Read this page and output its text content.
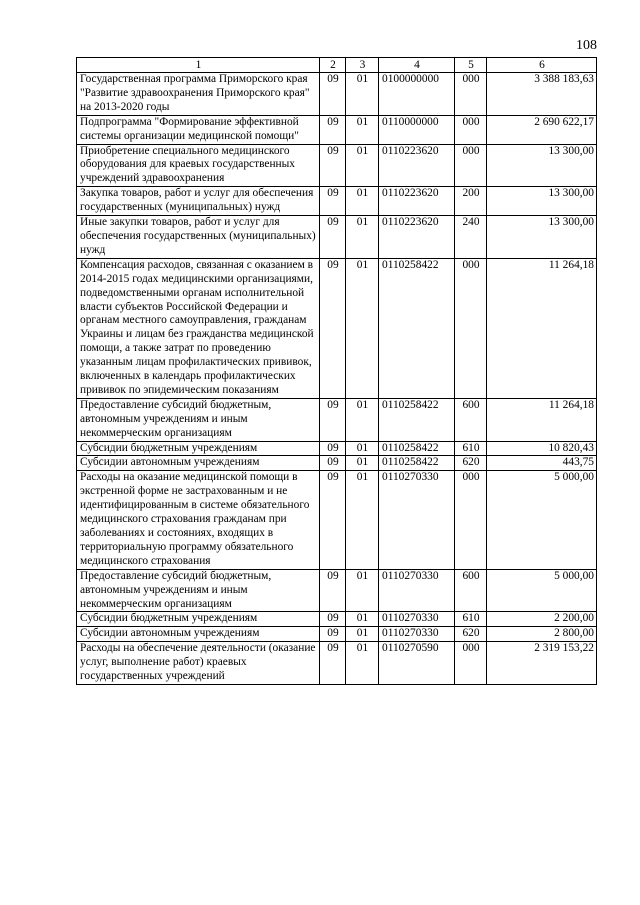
108
1	2	3	4	5	6
Государственная программа Приморского края "Развитие здравоохранения Приморского края" на 2013-2020 годы	09	01	0100000000	000	3 388 183,63
Подпрограмма "Формирование эффективной системы организации медицинской помощи"	09	01	0110000000	000	2 690 622,17
Приобретение специального медицинского оборудования для краевых государственных учреждений здравоохранения	09	01	0110223620	000	13 300,00
Закупка товаров, работ и услуг для обеспечения государственных (муниципальных) нужд	09	01	0110223620	200	13 300,00
Иные закупки товаров, работ и услуг для обеспечения государственных (муниципальных) нужд	09	01	0110223620	240	13 300,00
Компенсация расходов, связанная с оказанием в 2014-2015 годах медицинскими организациями, подведомственными органам исполнительной власти субъектов Российской Федерации и органам местного самоуправления, гражданам Украины и лицам без гражданства медицинской помощи, а также затрат по проведению указанным лицам профилактических прививок, включенных в календарь профилактических прививок по эпидемическим показаниям	09	01	0110258422	000	11 264,18
Предоставление субсидий бюджетным, автономным учреждениям и иным некоммерческим организациям	09	01	0110258422	600	11 264,18
Субсидии бюджетным учреждениям	09	01	0110258422	610	10 820,43
Субсидии автономным учреждениям	09	01	0110258422	620	443,75
Расходы на оказание медицинской помощи в экстренной форме не застрахованным и не идентифицированным в системе обязательного медицинского страхования гражданам при заболеваниях и состояниях, входящих в территориальную программу обязательного медицинского страхования	09	01	0110270330	000	5 000,00
Предоставление субсидий бюджетным, автономным учреждениям и иным некоммерческим организациям	09	01	0110270330	600	5 000,00
Субсидии бюджетным учреждениям	09	01	0110270330	610	2 200,00
Субсидии автономным учреждениям	09	01	0110270330	620	2 800,00
Расходы на обеспечение деятельности (оказание услуг, выполнение работ) краевых государственных учреждений	09	01	0110270590	000	2 319 153,22
